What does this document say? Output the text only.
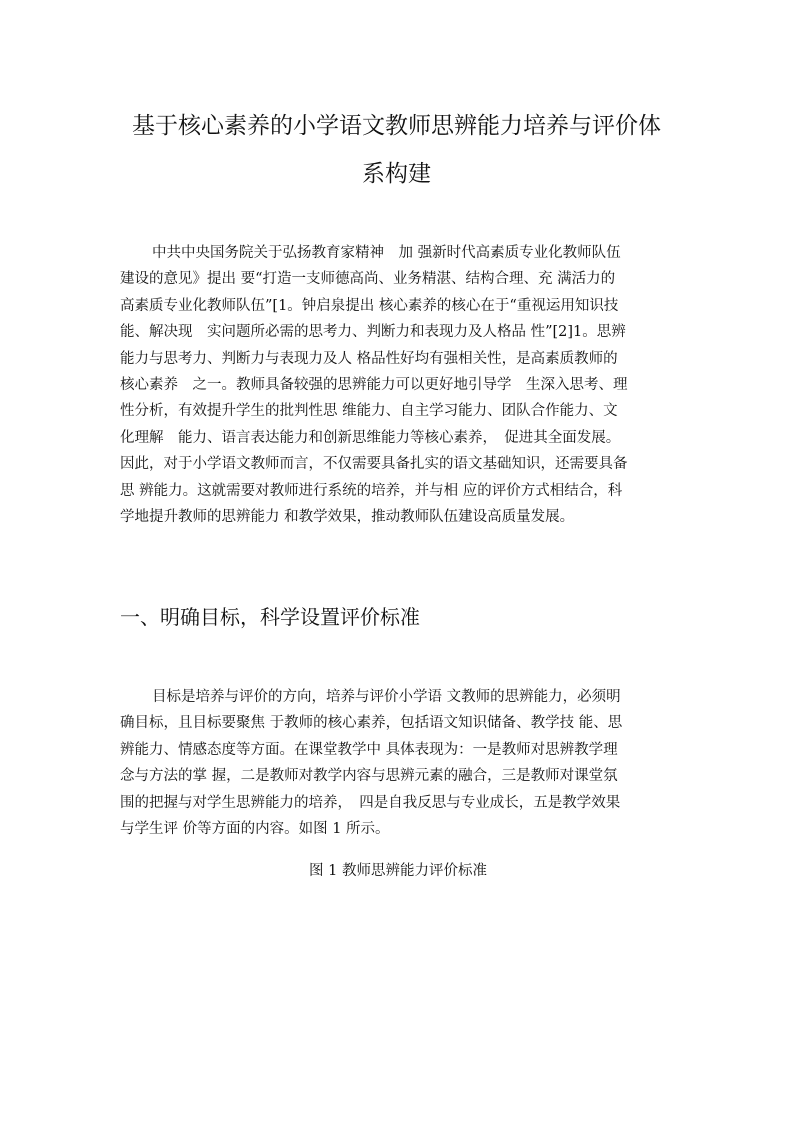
基于核心素养的小学语文教师思辨能力培养与评价体
系构建
中共中央国务院关于弘扬教育家精神　加 强新时代高素质专业化教师队伍
建设的意见》提出 要“打造一支师德高尚、业务精湛、结构合理、充 满活力的
高素质专业化教师队伍”[1。钟启泉提出 核心素养的核心在于“重视运用知识技
能、解决现　实问题所必需的思考力、判断力和表现力及人格品 性”[2]1。思辨
能力与思考力、判断力与表现力及人 格品性好均有强相关性，是高素质教师的
核心素养　之一。教师具备较强的思辨能力可以更好地引导学　生深入思考、理
性分析，有效提升学生的批判性思 维能力、自主学习能力、团队合作能力、文
化理解　能力、语言表达能力和创新思维能力等核心素养，　促进其全面发展。
因此，对于小学语文教师而言，不仅需要具备扎实的语文基础知识，还需要具备
思 辨能力。这就需要对教师进行系统的培养，并与相 应的评价方式相结合，科
学地提升教师的思辨能力 和教学效果，推动教师队伍建设高质量发展。
一、明确目标，科学设置评价标准
目标是培养与评价的方向，培养与评价小学语 文教师的思辨能力，必须明
确目标，且目标要聚焦 于教师的核心素养，包括语文知识储备、教学技 能、思
辨能力、情感态度等方面。在课堂教学中 具体表现为：一是教师对思辨教学理
念与方法的掌 握，二是教师对教学内容与思辨元素的融合，三是教师对课堂氛
围的把握与对学生思辨能力的培养，　四是自我反思与专业成长，五是教学效果
与学生评 价等方面的内容。如图 1 所示。
图 1 教师思辨能力评价标准
